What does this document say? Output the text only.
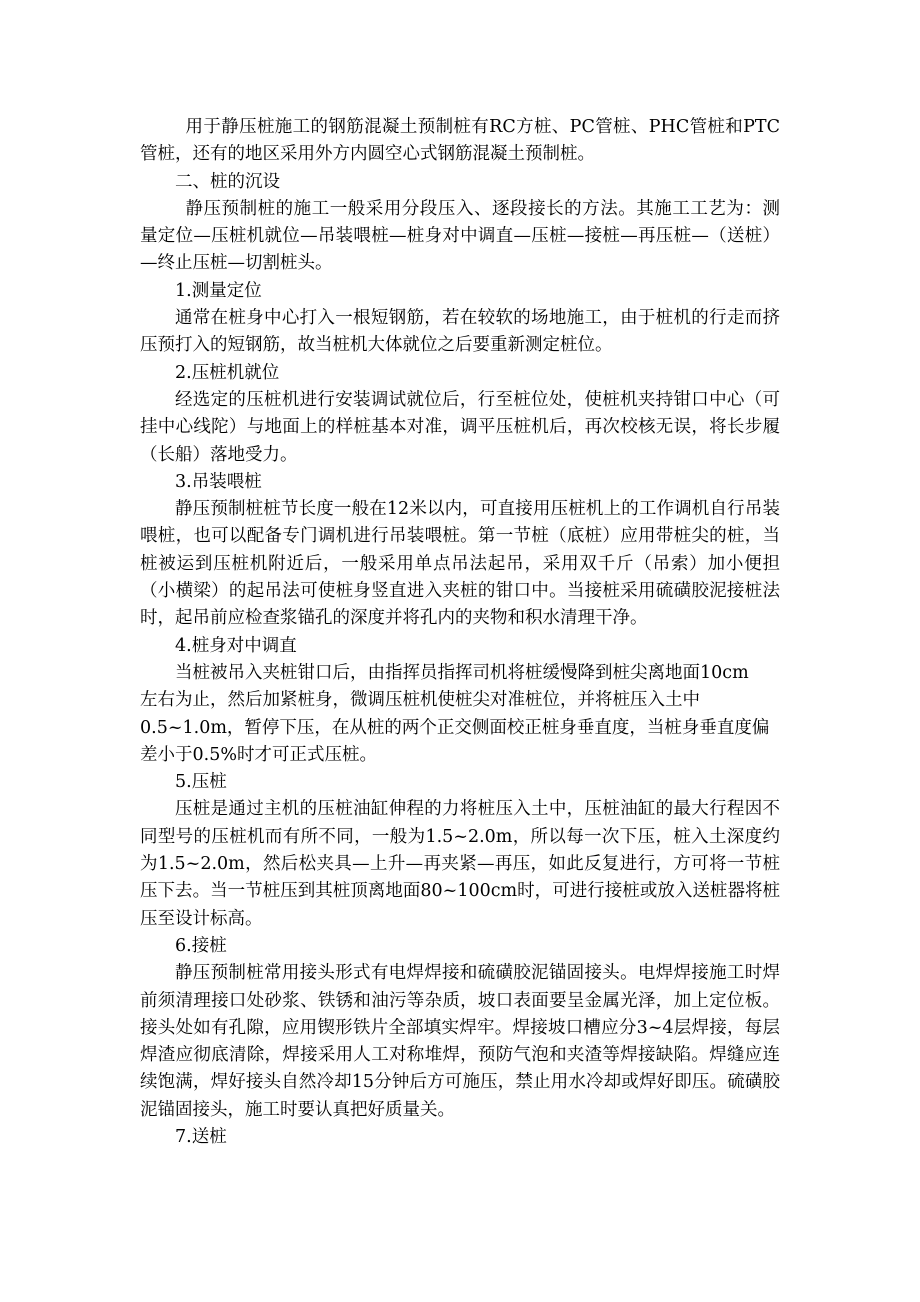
用于静压桩施工的钢筋混凝土预制桩有RC方桩、PC管桩、PHC管桩和PTC管桩，还有的地区采用外方内圆空心式钢筋混凝土预制桩。

二、桩的沉设

静压预制桩的施工一般采用分段压入、逐段接长的方法。其施工工艺为：测量定位—压桩机就位—吊装喂桩—桩身对中调直—压桩—接桩—再压桩—（送桩）—终止压桩—切割桩头。

1.测量定位

通常在桩身中心打入一根短钢筋，若在较软的场地施工，由于桩机的行走而挤压预打入的短钢筋，故当桩机大体就位之后要重新测定桩位。

2.压桩机就位

经选定的压桩机进行安装调试就位后，行至桩位处，使桩机夹持钳口中心（可挂中心线陀）与地面上的样桩基本对准，调平压桩机后，再次校核无误，将长步履（长船）落地受力。

3.吊装喂桩

静压预制桩桩节长度一般在12米以内，可直接用压桩机上的工作调机自行吊装喂桩，也可以配备专门调机进行吊装喂桩。第一节桩（底桩）应用带桩尖的桩，当桩被运到压桩机附近后，一般采用单点吊法起吊，采用双千斤（吊索）加小便担（小横梁）的起吊法可使桩身竖直进入夹桩的钳口中。当接桩采用硫磺胶泥接桩法时，起吊前应检查浆锚孔的深度并将孔内的夹物和积水清理干净。

4.桩身对中调直

当桩被吊入夹桩钳口后，由指挥员指挥司机将桩缓慢降到桩尖离地面10cm
左右为止，然后加紧桩身，微调压桩机使桩尖对准桩位，并将桩压入土中
0.5~1.0m，暂停下压，在从桩的两个正交侧面校正桩身垂直度，当桩身垂直度偏
差小于0.5%时才可正式压桩。

5.压桩

压桩是通过主机的压桩油缸伸程的力将桩压入土中，压桩油缸的最大行程因不同型号的压桩机而有所不同，一般为1.5~2.0m，所以每一次下压，桩入土深度约为1.5~2.0m，然后松夹具—上升—再夹紧—再压，如此反复进行，方可将一节桩压下去。当一节桩压到其桩顶离地面80~100cm时，可进行接桩或放入送桩器将桩压至设计标高。

6.接桩

静压预制桩常用接头形式有电焊焊接和硫磺胶泥锚固接头。电焊焊接施工时焊前须清理接口处砂浆、铁锈和油污等杂质，坡口表面要呈金属光泽，加上定位板。接头处如有孔隙，应用锲形铁片全部填实焊牢。焊接坡口槽应分3~4层焊接，每层焊渣应彻底清除，焊接采用人工对称堆焊，预防气泡和夹渣等焊接缺陷。焊缝应连续饱满，焊好接头自然冷却15分钟后方可施压，禁止用水冷却或焊好即压。硫磺胶泥锚固接头，施工时要认真把好质量关。

7.送桩
